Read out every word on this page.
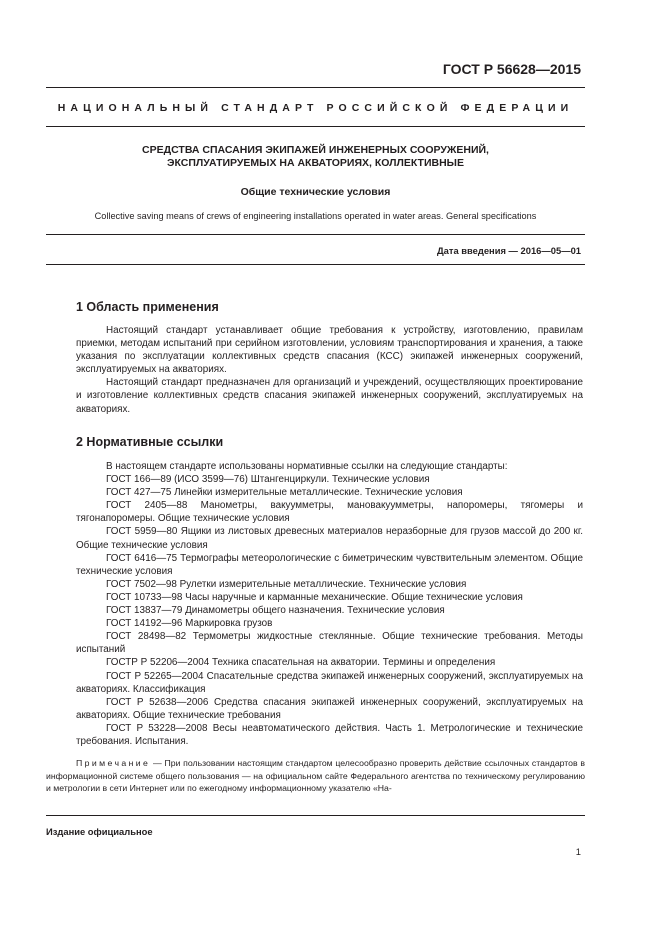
ГОСТ Р 56628—2015
НАЦИОНАЛЬНЫЙ СТАНДАРТ РОССИЙСКОЙ ФЕДЕРАЦИИ
СРЕДСТВА СПАСАНИЯ ЭКИПАЖЕЙ ИНЖЕНЕРНЫХ СООРУЖЕНИЙ,
ЭКСПЛУАТИРУЕМЫХ НА АКВАТОРИЯХ, КОЛЛЕКТИВНЫЕ
Общие технические условия
Collective saving means of crews of engineering installations operated in water areas. General specifications
Дата введения — 2016—05—01
1 Область применения

Настоящий стандарт устанавливает общие требования к устройству, изготовлению, правилам приемки, методам испытаний при серийном изготовлении, условиям транспортирования и хранения, а также указания по эксплуатации коллективных средств спасания (КСС) экипажей инженерных сооружений, эксплуатируемых на акваториях.

Настоящий стандарт предназначен для организаций и учреждений, осуществляющих проектирование и изготовление коллективных средств спасания экипажей инженерных сооружений, эксплуатируемых на акваториях.

2 Нормативные ссылки
В настоящем стандарте использованы нормативные ссылки на следующие стандарты:
ГОСТ 166—89 (ИСО 3599—76) Штангенциркули. Технические условия
ГОСТ 427—75 Линейки измерительные металлические. Технические условия
ГОСТ 2405—88 Манометры, вакуумметры, мановакуумметры, напоромеры, тягомеры и тягонапоромеры. Общие технические условия
ГОСТ 5959—80 Ящики из листовых древесных материалов неразборные для грузов массой до 200 кг. Общие технические условия
ГОСТ 6416—75 Термографы метеорологические с биметрическим чувствительным элементом. Общие технические условия
ГОСТ 7502—98 Рулетки измерительные металлические. Технические условия
ГОСТ 10733—98 Часы наручные и карманные механические. Общие технические условия
ГОСТ 13837—79 Динамометры общего назначения. Технические условия
ГОСТ 14192—96 Маркировка грузов
ГОСТ 28498—82 Термометры жидкостные стеклянные. Общие технические требования. Методы испытаний
ГОСТР Р 52206—2004 Техника спасательная на акватории. Термины и определения
ГОСТ Р 52265—2004 Спасательные средства экипажей инженерных сооружений, эксплуатируемых на акваториях. Классификация
ГОСТ Р 52638—2006 Средства спасания экипажей инженерных сооружений, эксплуатируемых на акваториях. Общие технические требования
ГОСТ Р 53228—2008 Весы неавтоматического действия. Часть 1. Метрологические и технические требования. Испытания.
Примечание — При пользовании настоящим стандартом целесообразно проверить действие ссылочных стандартов в информационной системе общего пользования — на официальном сайте Федерального агентства по техническому регулированию и метрологии в сети Интернет или по ежегодному информационному указателю «На-
Издание официальное
1
